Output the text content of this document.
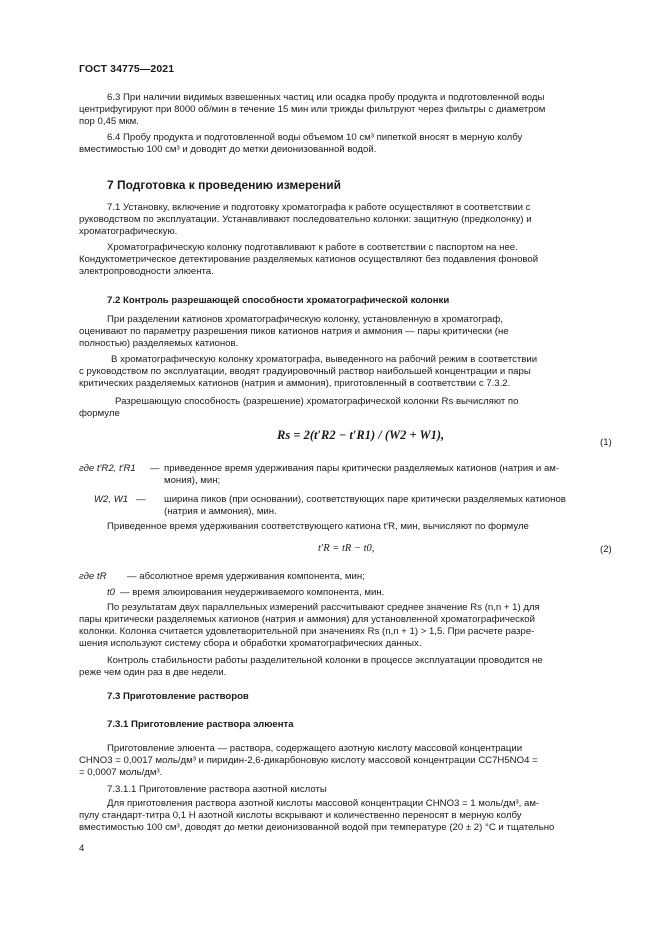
ГОСТ 34775—2021
6.3 При наличии видимых взвешенных частиц или осадка пробу продукта и подготовленной воды
центрифугируют при 8000 об/мин в течение 15 мин или трижды фильтруют через фильтры с диаметром
пор 0,45 мкм.
6.4 Пробу продукта и подготовленной воды объемом 10 см³ пипеткой вносят в мерную колбу
вместимостью 100 см³ и доводят до метки деионизованной водой.
7 Подготовка к проведению измерений
7.1 Установку, включение и подготовку хроматографа к работе осуществляют в соответствии с
руководством по эксплуатации. Устанавливают последовательно колонки: защитную (предколонку) и
хроматографическую.
Хроматографическую колонку подготавливают к работе в соответствии с паспортом на нее.
Кондуктометрическое детектирование разделяемых катионов осуществляют без подавления фоновой
электропроводности элюента.
7.2 Контроль разрешающей способности хроматографической колонки
При разделении катионов хроматографическую колонку, установленную в хроматограф,
оценивают по параметру разрешения пиков катионов натрия и аммония — пары критически (не
полностью) разделяемых катионов.
В хроматографическую колонку хроматографа, выведенного на рабочий режим в соответствии
с руководством по эксплуатации, вводят градуировочный раствор наибольшей концентрации и пары
критических разделяемых катионов (натрия и аммония), приготовленный в соответствии с 7.3.2.
Разрешающую способность (разрешение) хроматографической колонки Rs вычисляют по
формуле
Rs = 2(t′R2 − t′R1) / (W2 + W1),
(1)
где t′R2, t′R1 — приведенное время удерживания пары критически разделяемых катионов (натрия и ам-
мония), мин;
W2, W1 — ширина пиков (при основании), соответствующих паре критически разделяемых катионов
(натрия и аммония), мин.
Приведенное время удерживания соответствующего катиона t′R, мин, вычисляют по формуле
t′R = tR − t0,	(2)
где tR — абсолютное время удерживания компонента, мин;
t0 — время элюирования неудерживаемого компонента, мин.
По результатам двух параллельных измерений рассчитывают среднее значение Rs (n,n + 1) для
пары критически разделяемых катионов (натрия и аммония) для установленной хроматографической
колонки. Колонка считается удовлетворительной при значениях Rs (n,n + 1) > 1,5. При расчете разре-
шения используют систему сбора и обработки хроматографических данных.
Контроль стабильности работы разделительной колонки в процессе эксплуатации проводится не
реже чем один раз в две недели.
7.3 Приготовление растворов
7.3.1 Приготовление раствора элюента
Приготовление элюента — раствора, содержащего азотную кислоту массовой концентрации
CHNO3 = 0,0017 моль/дм³ и пиридин-2,6-дикарбоновую кислоту массовой концентрации CC7H5NO4 =
= 0,0007 моль/дм³.
7.3.1.1 Приготовление раствора азотной кислоты
Для приготовления раствора азотной кислоты массовой концентрации CHNO3 = 1 моль/дм³, ам-
пулу стандарт-титра 0,1 Н азотной кислоты вскрывают и количественно переносят в мерную колбу
вместимостью 100 см³, доводят до метки деионизованной водой при температуре (20 ± 2) °C и тщательно
4
